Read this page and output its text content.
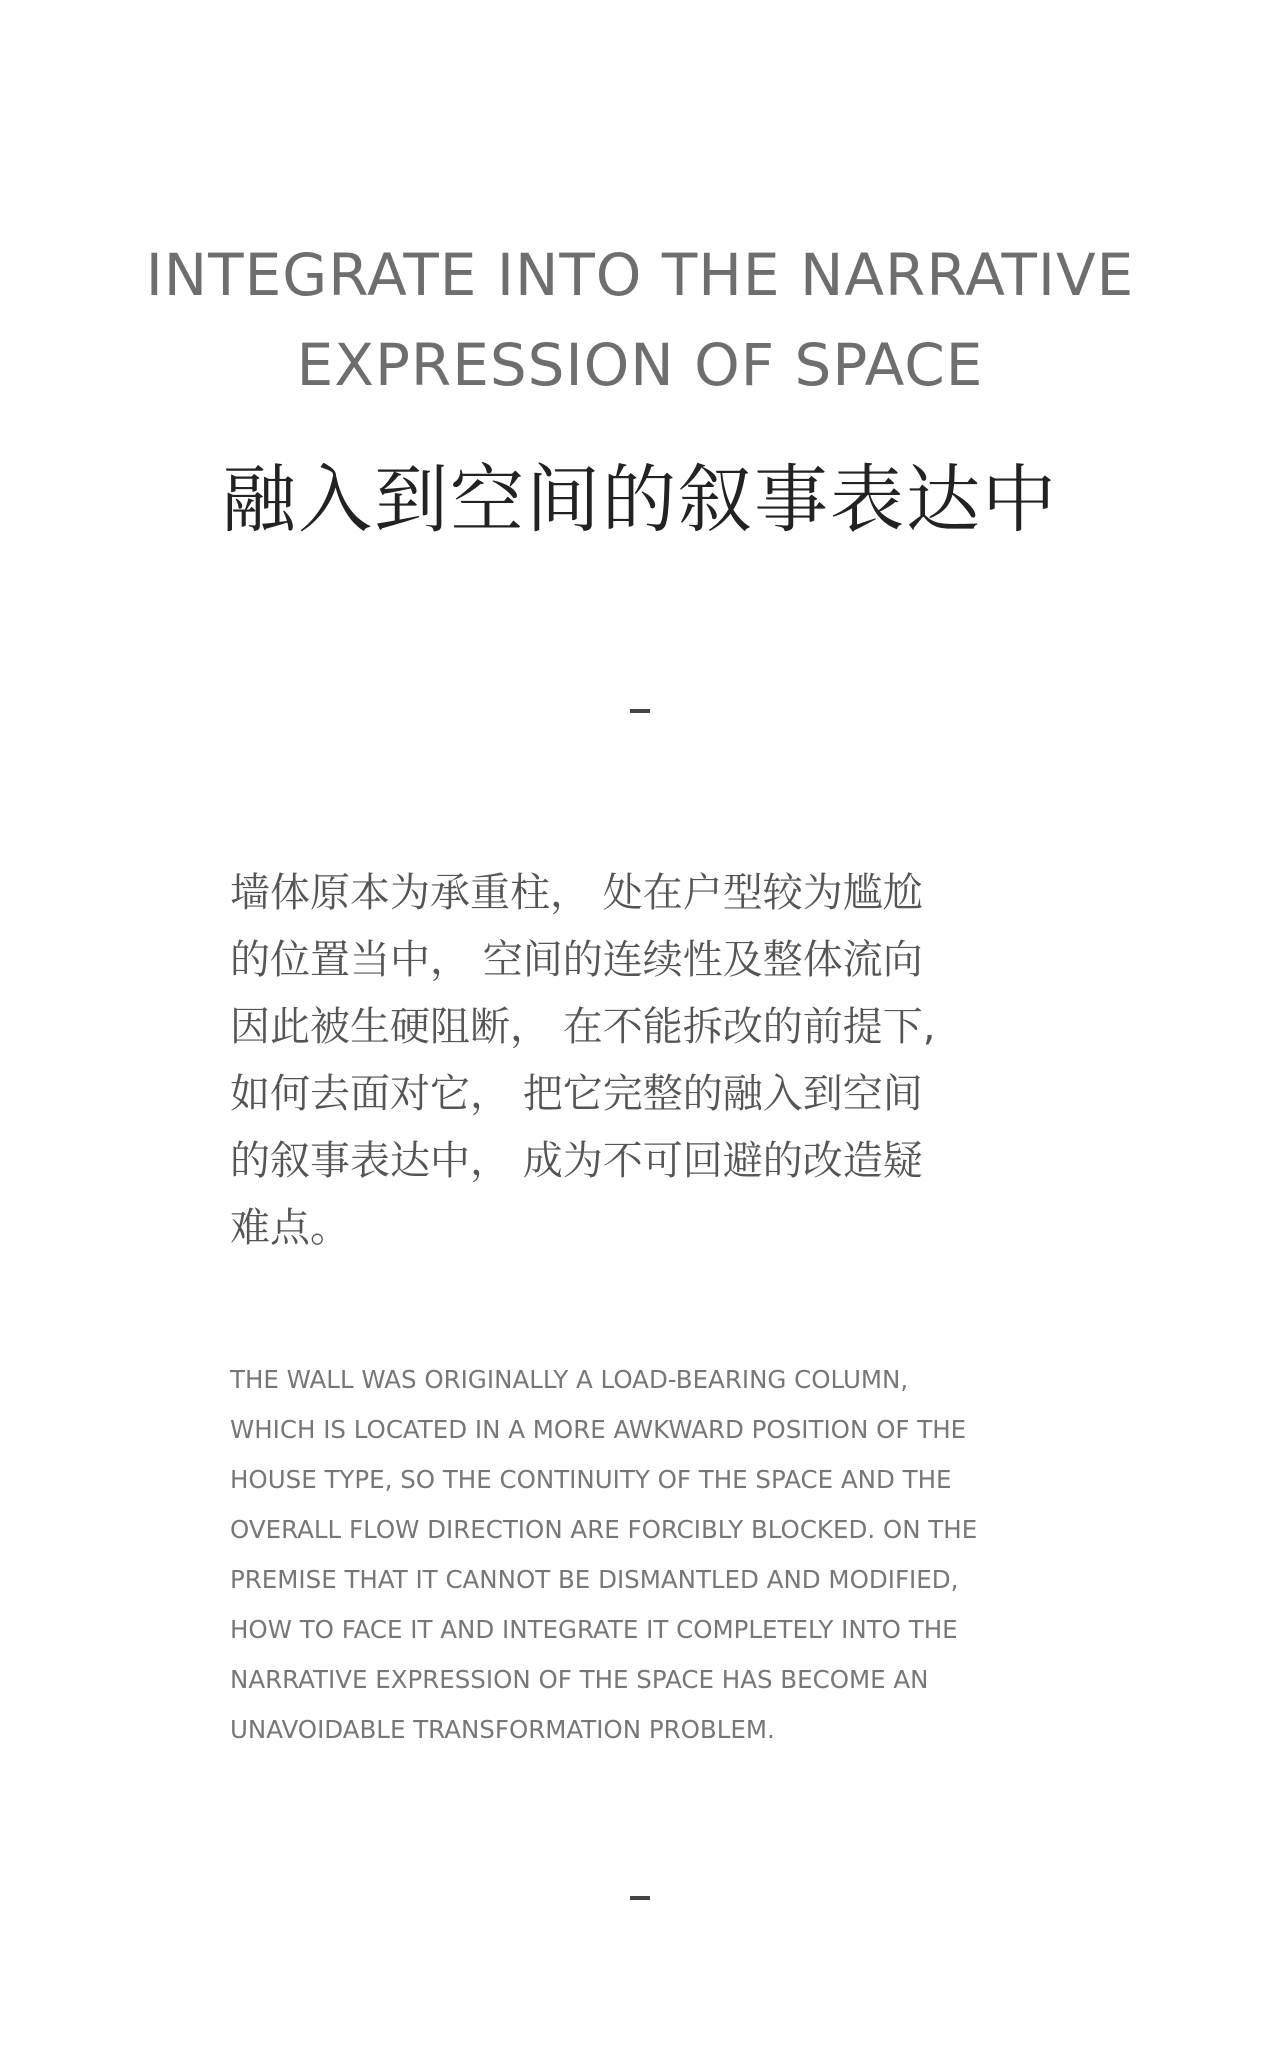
INTEGRATE INTO THE NARRATIVE
EXPRESSION OF SPACE
融入到空间的叙事表达中

墙体原本为承重柱， 处在户型较为尴尬
的位置当中， 空间的连续性及整体流向
因此被生硬阻断， 在不能拆改的前提下,
如何去面对它， 把它完整的融入到空间
的叙事表达中， 成为不可回避的改造疑
难点。

THE WALL WAS ORIGINALLY A LOAD-BEARING COLUMN,
WHICH IS LOCATED IN A MORE AWKWARD POSITION OF THE
HOUSE TYPE, SO THE CONTINUITY OF THE SPACE AND THE
OVERALL FLOW DIRECTION ARE FORCIBLY BLOCKED. ON THE
PREMISE THAT IT CANNOT BE DISMANTLED AND MODIFIED,
HOW TO FACE IT AND INTEGRATE IT COMPLETELY INTO THE
NARRATIVE EXPRESSION OF THE SPACE HAS BECOME AN
UNAVOIDABLE TRANSFORMATION PROBLEM.
